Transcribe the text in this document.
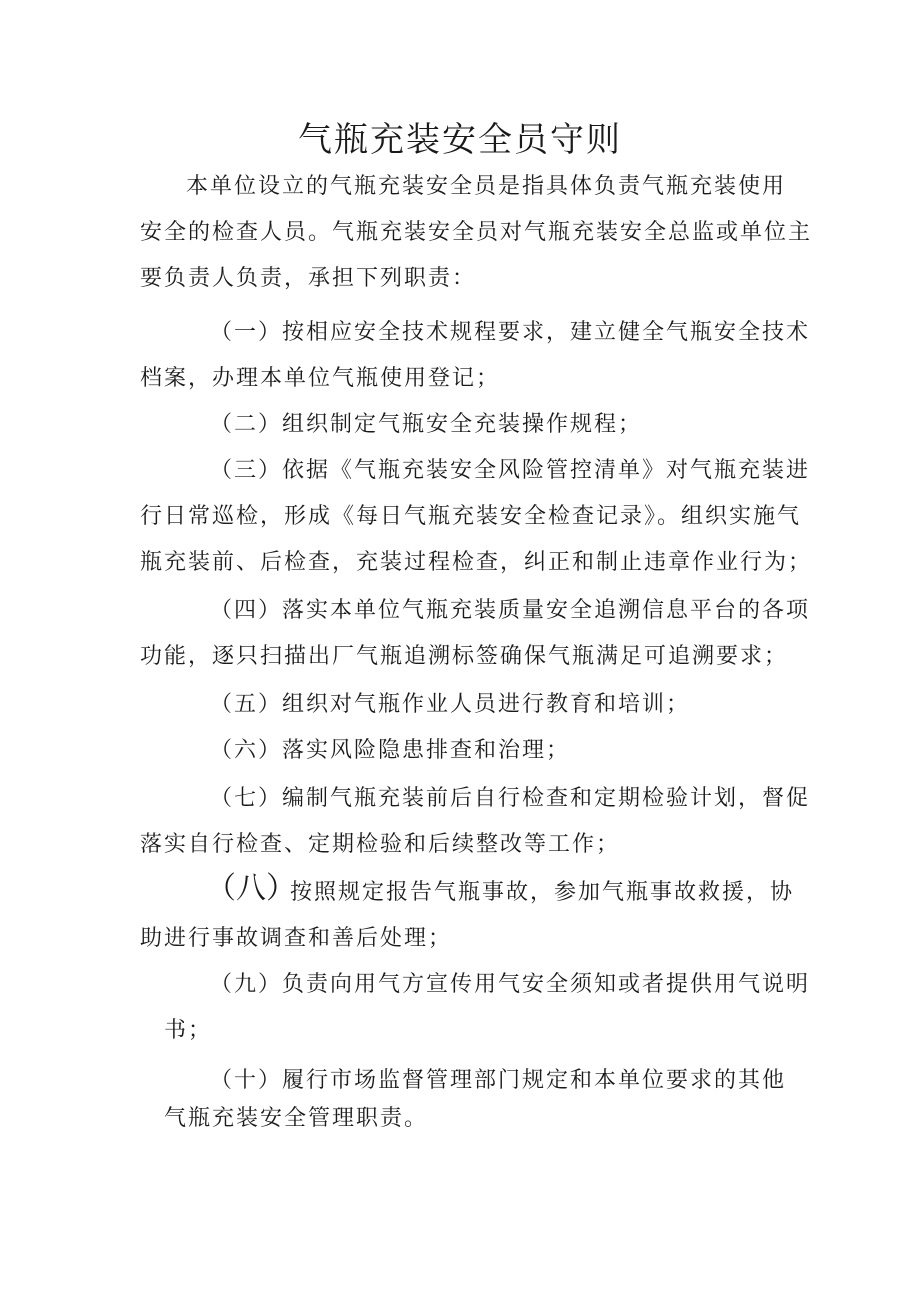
气瓶充装安全员守则
本单位设立的气瓶充装安全员是指具体负责气瓶充装使用
安全的检查人员。气瓶充装安全员对气瓶充装安全总监或单位主
要负责人负责，承担下列职责：
（一）按相应安全技术规程要求，建立健全气瓶安全技术
档案，办理本单位气瓶使用登记；
（二）组织制定气瓶安全充装操作规程；
（三）依据《气瓶充装安全风险管控清单》对气瓶充装进
行日常巡检，形成《每日气瓶充装安全检查记录》。组织实施气
瓶充装前、后检查，充装过程检查，纠正和制止违章作业行为；
（四）落实本单位气瓶充装质量安全追溯信息平台的各项
功能，逐只扫描出厂气瓶追溯标签确保气瓶满足可追溯要求；
（五）组织对气瓶作业人员进行教育和培训；
（六）落实风险隐患排查和治理；
（七）编制气瓶充装前后自行检查和定期检验计划，督促
落实自行检查、定期检验和后续整改等工作；
（八）
按照规定报告气瓶事故，参加气瓶事故救援，协
助进行事故调查和善后处理；
（九）负责向用气方宣传用气安全须知或者提供用气说明
书；
（十）履行市场监督管理部门规定和本单位要求的其他
气瓶充装安全管理职责。
